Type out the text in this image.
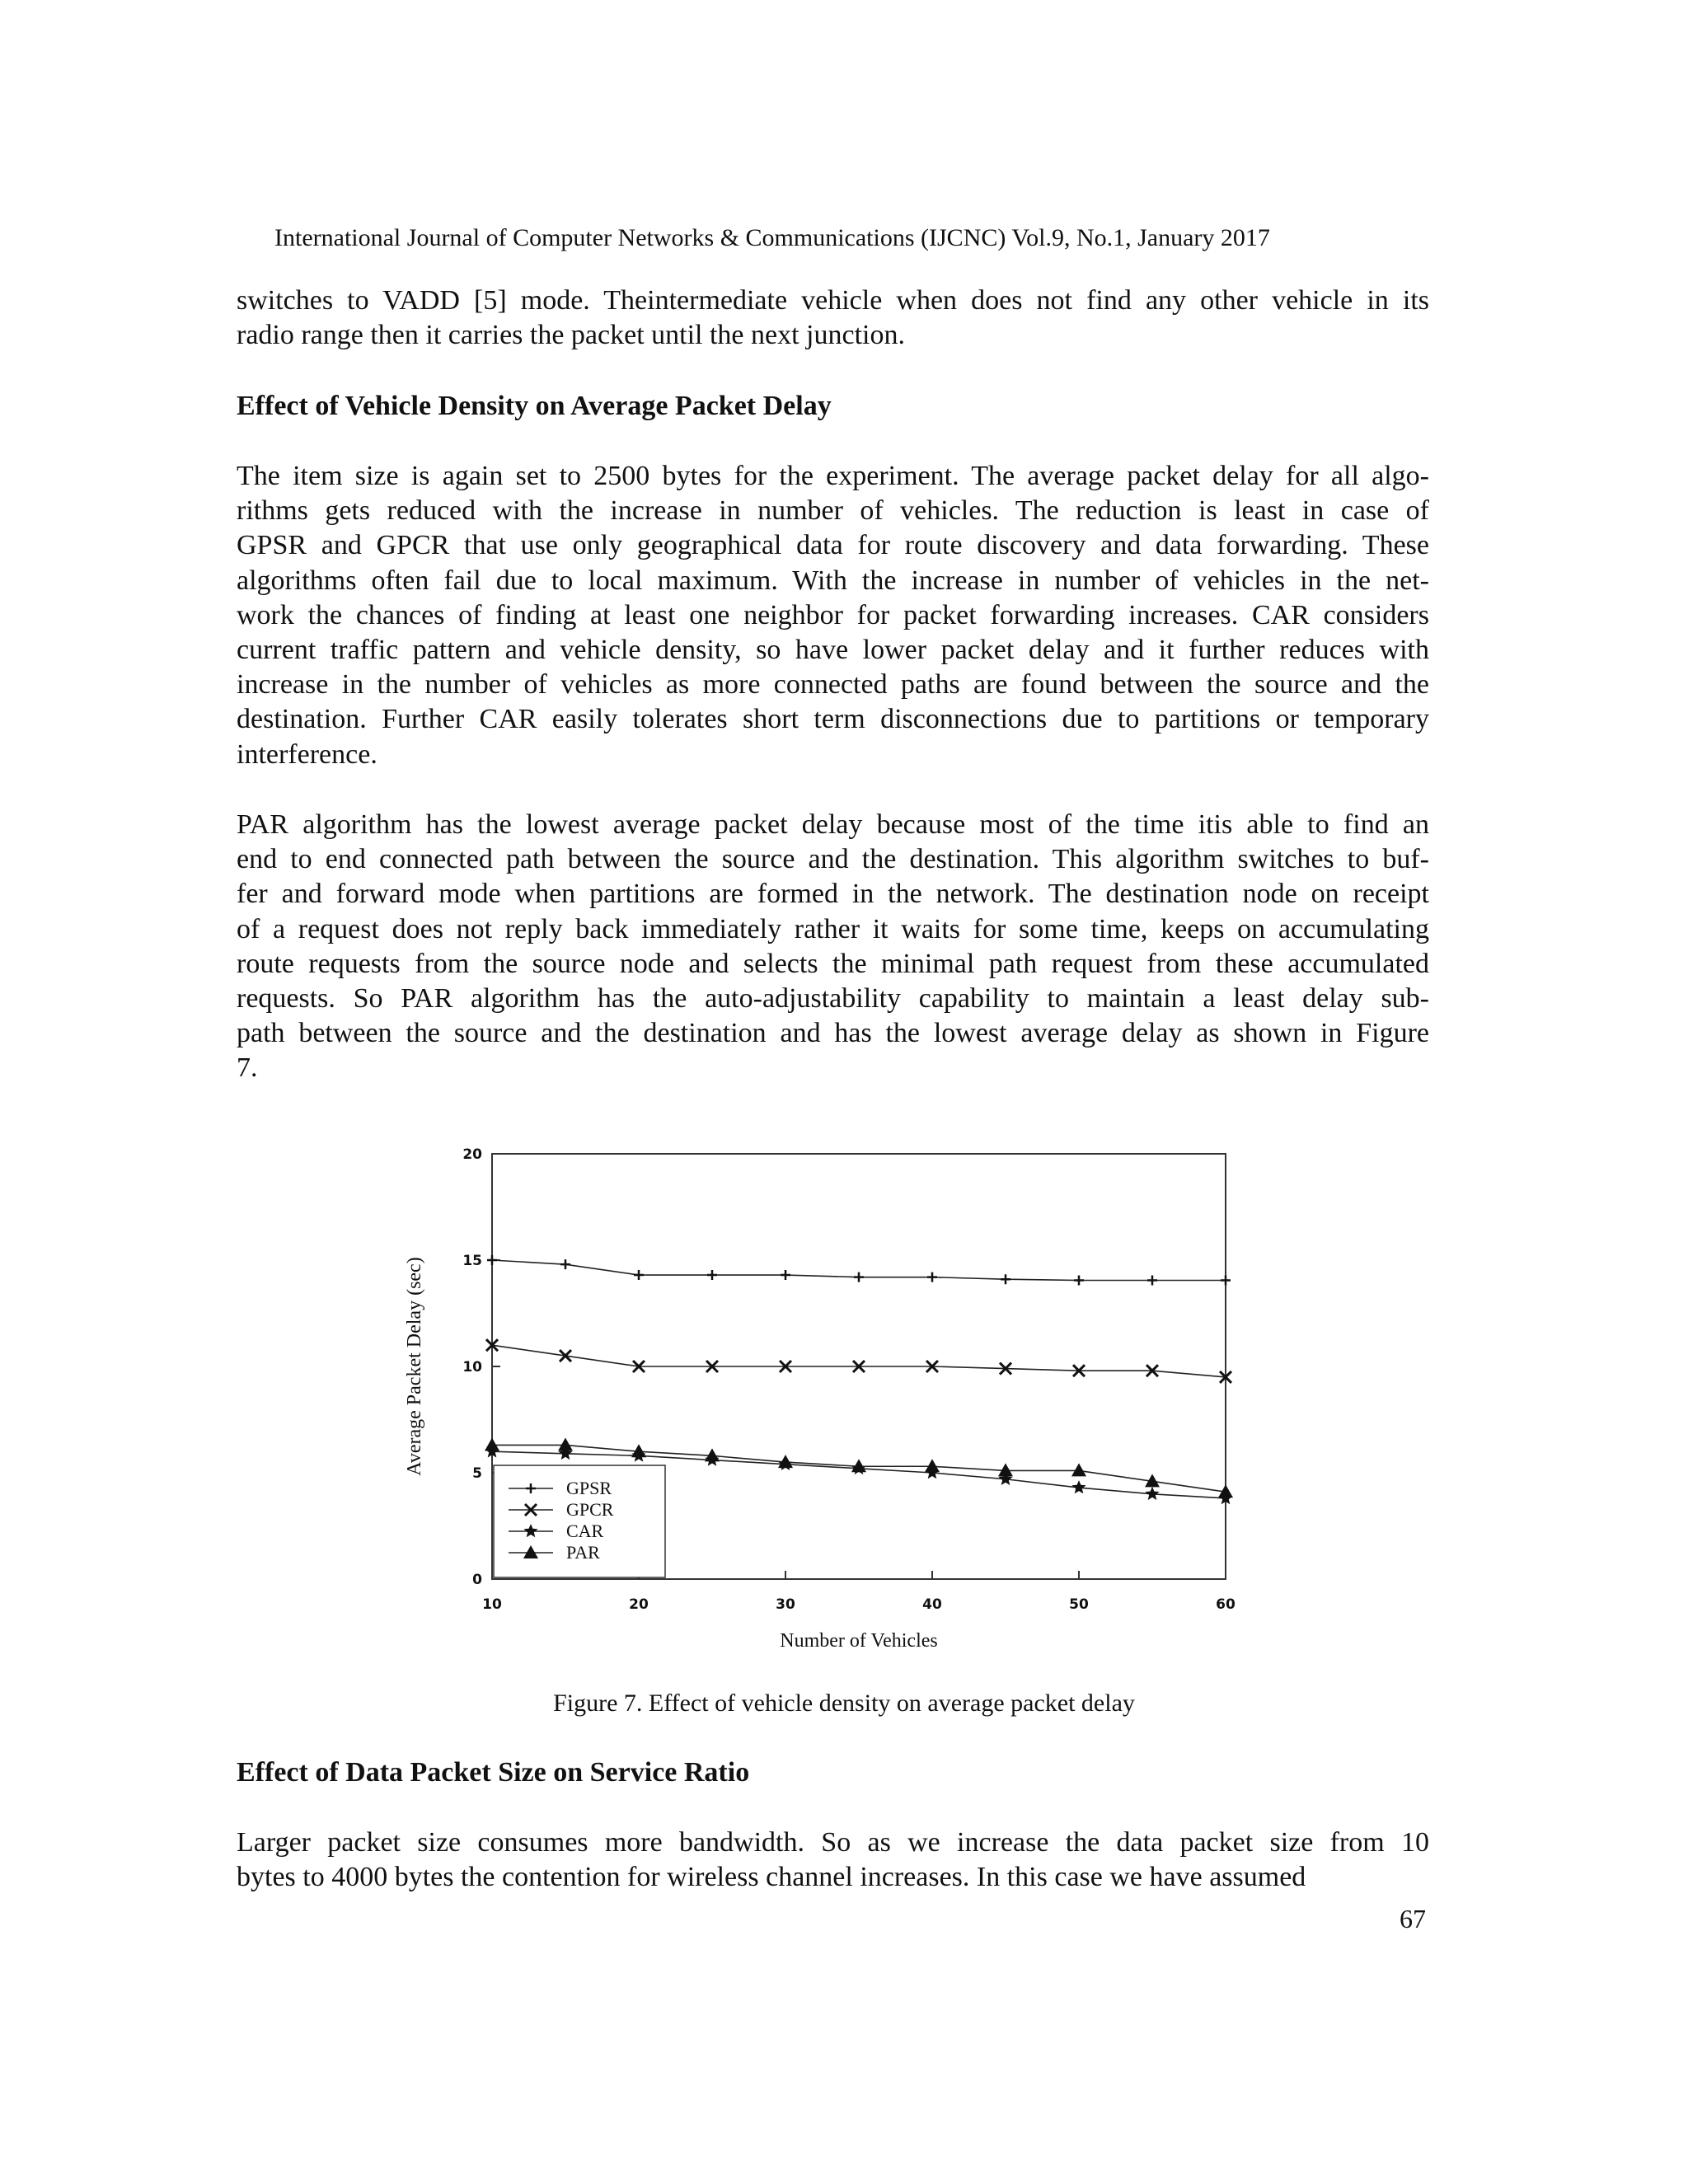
International Journal of Computer Networks & Communications (IJCNC) Vol.9, No.1, January 2017
switches to VADD [5] mode. Theintermediate vehicle when does not find any other vehicle in its
radio range then it carries the packet until the next junction.
Effect of Vehicle Density on Average Packet Delay
The item size is again set to 2500 bytes for the experiment. The average packet delay for all algo-
rithms gets reduced with the increase in number of vehicles. The reduction is least in case of
GPSR and GPCR that use only geographical data for route discovery and data forwarding. These
algorithms often fail due to local maximum. With the increase in number of vehicles in the net-
work the chances of finding at least one neighbor for packet forwarding increases. CAR considers
current traffic pattern and vehicle density, so have lower packet delay and it further reduces with
increase in the number of vehicles as more connected paths are found between the source and the
destination. Further CAR easily tolerates short term disconnections due to partitions or temporary
interference.
PAR algorithm has the lowest average packet delay because most of the time itis able to find an
end to end connected path between the source and the destination. This algorithm switches to buf-
fer and forward mode when partitions are formed in the network. The destination node on receipt
of a request does not reply back immediately rather it waits for some time, keeps on accumulating
route requests from the source node and selects the minimal path request from these accumulated
requests. So PAR algorithm has the auto-adjustability capability to maintain a least delay sub-
path between the source and the destination and has the lowest average delay as shown in Figure
7.
0
5
10
15
20
10	20	30	40	50	60
GPSR
GPCR
CAR
PAR
Average Packet Delay (sec)
Number of Vehicles
Figure 7. Effect of vehicle density on average packet delay
Effect of Data Packet Size on Service Ratio
Larger packet size consumes more bandwidth. So as we increase the data packet size from 10
bytes to 4000 bytes the contention for wireless channel increases. In this case we have assumed
67
